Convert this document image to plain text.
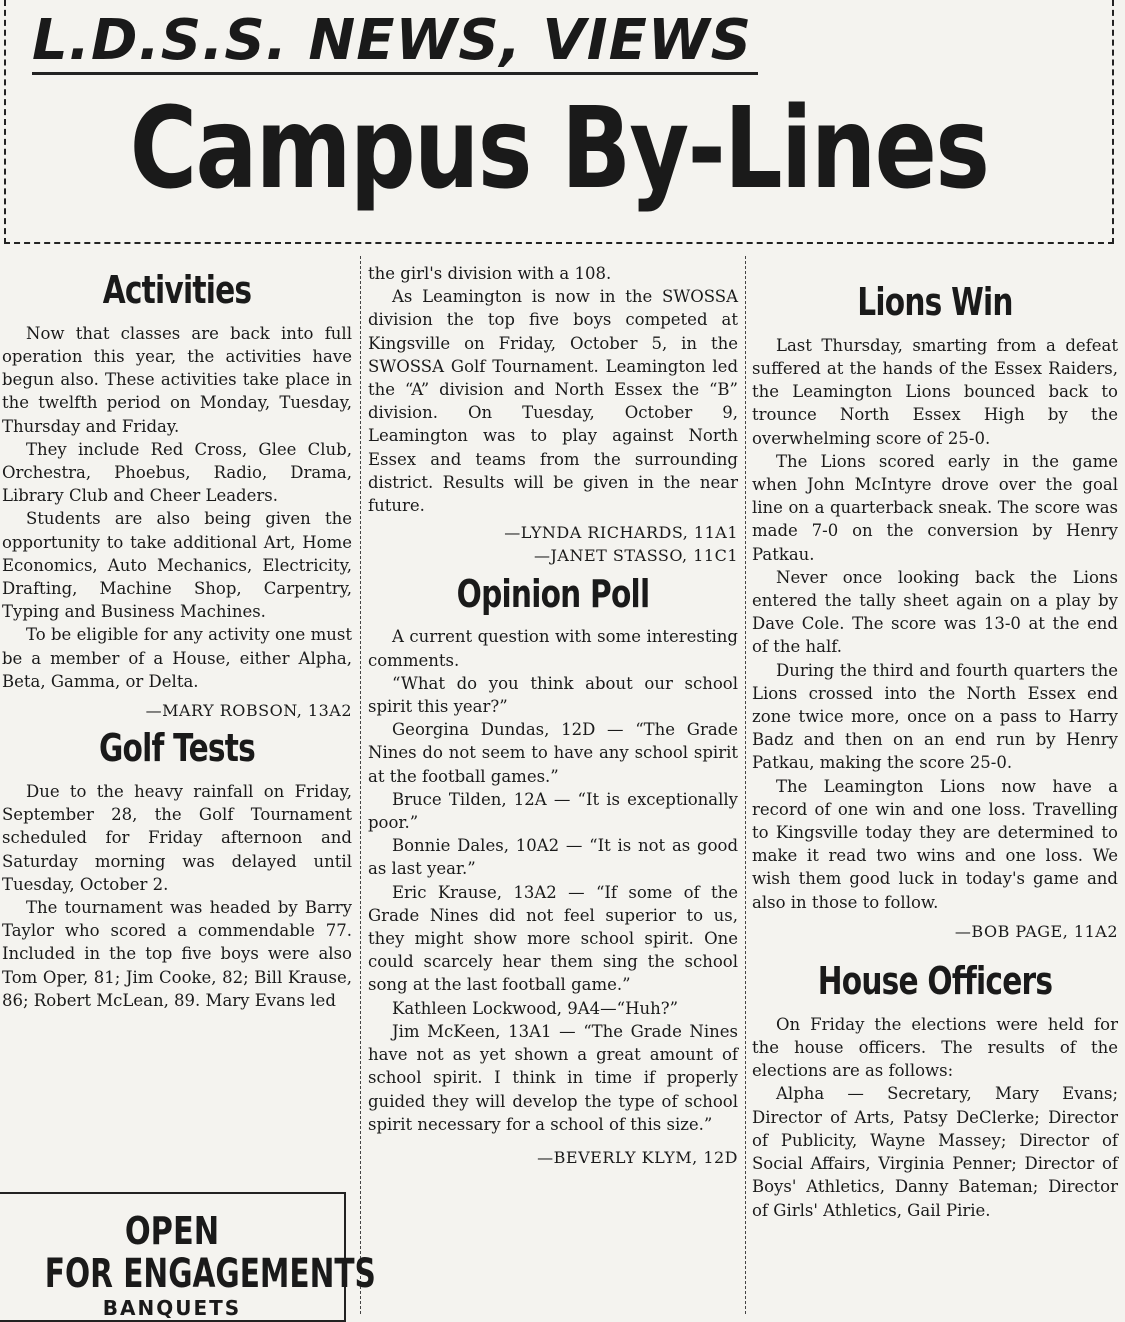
L.D.S.S. NEWS, VIEWS
Campus By-Lines
Activities

Now that classes are back into full operation this year, the activities have begun also. These activities take place in the twelfth period on Monday, Tuesday, Thursday and Friday.

They include Red Cross, Glee Club, Orchestra, Phoebus, Radio, Drama, Library Club and Cheer Leaders.

Students are also being given the opportunity to take additional Art, Home Economics, Auto Mechanics, Electricity, Drafting, Machine Shop, Carpentry, Typing and Business Machines.

To be eligible for any activity one must be a member of a House, either Alpha, Beta, Gamma, or Delta.

—MARY ROBSON, 13A2
Golf Tests

Due to the heavy rainfall on Friday, September 28, the Golf Tournament scheduled for Friday afternoon and Saturday morning was delayed until Tuesday, October 2.

The tournament was headed by Barry Taylor who scored a commendable 77. Included in the top five boys were also Tom Oper, 81; Jim Cooke, 82; Bill Krause, 86; Robert McLean, 89. Mary Evans led

OPEN
FOR ENGAGEMENTS
BANQUETS

the girl's division with a 108.

As Leamington is now in the SWOSSA division the top five boys competed at Kingsville on Friday, October 5, in the SWOSSA Golf Tournament. Leamington led the “A” division and North Essex the “B” division. On Tuesday, October 9, Leamington was to play against North Essex and teams from the surrounding district. Results will be given in the near future.

—LYNDA RICHARDS, 11A1
—JANET STASSO, 11C1
Opinion Poll

A current question with some interesting comments.

“What do you think about our school spirit this year?”

Georgina Dundas, 12D — “The Grade Nines do not seem to have any school spirit at the football games.”

Bruce Tilden, 12A — “It is exceptionally poor.”

Bonnie Dales, 10A2 — “It is not as good as last year.”

Eric Krause, 13A2 — “If some of the Grade Nines did not feel superior to us, they might show more school spirit. One could scarcely hear them sing the school song at the last football game.”

Kathleen Lockwood, 9A4—“Huh?”

Jim McKeen, 13A1 — “The Grade Nines have not as yet shown a great amount of school spirit. I think in time if properly guided they will develop the type of school spirit necessary for a school of this size.”

—BEVERLY KLYM, 12D
Lions Win

Last Thursday, smarting from a defeat suffered at the hands of the Essex Raiders, the Leamington Lions bounced back to trounce North Essex High by the overwhelming score of 25-0.

The Lions scored early in the game when John McIntyre drove over the goal line on a quarterback sneak. The score was made 7-0 on the conversion by Henry Patkau.

Never once looking back the Lions entered the tally sheet again on a play by Dave Cole. The score was 13-0 at the end of the half.

During the third and fourth quarters the Lions crossed into the North Essex end zone twice more, once on a pass to Harry Badz and then on an end run by Henry Patkau, making the score 25-0.

The Leamington Lions now have a record of one win and one loss. Travelling to Kingsville today they are determined to make it read two wins and one loss. We wish them good luck in today's game and also in those to follow.

—BOB PAGE, 11A2
House Officers

On Friday the elections were held for the house officers. The results of the elections are as follows:

Alpha — Secretary, Mary Evans; Director of Arts, Patsy DeClerke; Director of Publicity, Wayne Massey; Director of Social Affairs, Virginia Penner; Director of Boys' Athletics, Danny Bateman; Director of Girls' Athletics, Gail Pirie.
